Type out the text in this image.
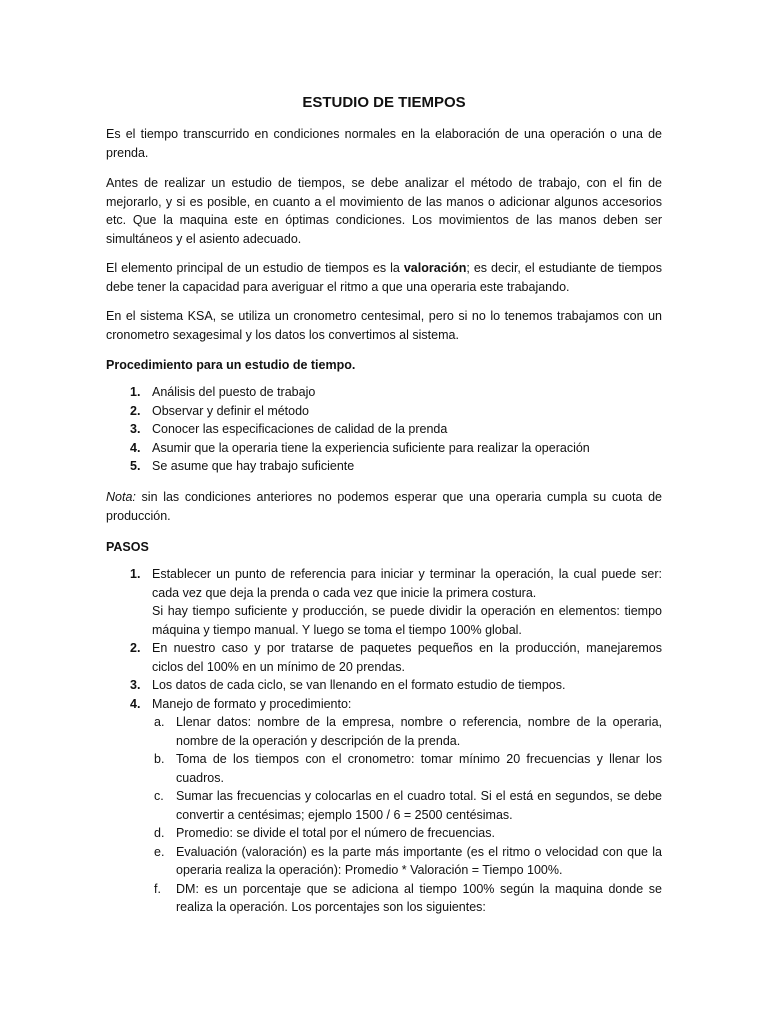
ESTUDIO DE TIEMPOS

Es el tiempo transcurrido en condiciones normales en la elaboración de una operación o una de prenda.

Antes de realizar un estudio de tiempos, se debe analizar el método de trabajo, con el fin de mejorarlo, y si es posible, en cuanto a el movimiento de las manos o adicionar algunos accesorios etc. Que la maquina este en óptimas condiciones. Los movimientos de las manos deben ser simultáneos y el asiento adecuado.

El elemento principal de un estudio de tiempos es la valoración; es decir, el estudiante de tiempos debe tener la capacidad para averiguar el ritmo a que una operaria este trabajando.

En el sistema KSA, se utiliza un cronometro centesimal, pero si no lo tenemos trabajamos con un cronometro sexagesimal y los datos los convertimos al sistema.

Procedimiento para un estudio de tiempo.

1. Análisis del puesto de trabajo
2. Observar y definir el método
3. Conocer las especificaciones de calidad de la prenda
4. Asumir que la operaria tiene la experiencia suficiente para realizar la operación
5. Se asume que hay trabajo suficiente

Nota: sin las condiciones anteriores no podemos esperar que una operaria cumpla su cuota de producción.

PASOS

1. Establecer un punto de referencia para iniciar y terminar la operación, la cual puede ser: cada vez que deja la prenda o cada vez que inicie la primera costura.
Si hay tiempo suficiente y producción, se puede dividir la operación en elementos: tiempo máquina y tiempo manual. Y luego se toma el tiempo 100% global.
2. En nuestro caso y por tratarse de paquetes pequeños en la producción, manejaremos ciclos del 100% en un mínimo de 20 prendas.
3. Los datos de cada ciclo, se van llenando en el formato estudio de tiempos.
4. Manejo de formato y procedimiento:
a. Llenar datos: nombre de la empresa, nombre o referencia, nombre de la operaria, nombre de la operación y descripción de la prenda.
b. Toma de los tiempos con el cronometro: tomar mínimo 20 frecuencias y llenar los cuadros.
c. Sumar las frecuencias y colocarlas en el cuadro total. Si el está en segundos, se debe convertir a centésimas; ejemplo 1500 / 6 = 2500 centésimas.
d. Promedio: se divide el total por el número de frecuencias.
e. Evaluación (valoración) es la parte más importante (es el ritmo o velocidad con que la operaria realiza la operación): Promedio * Valoración = Tiempo 100%.
f. DM: es un porcentaje que se adiciona al tiempo 100% según la maquina donde se realiza la operación. Los porcentajes son los siguientes:
